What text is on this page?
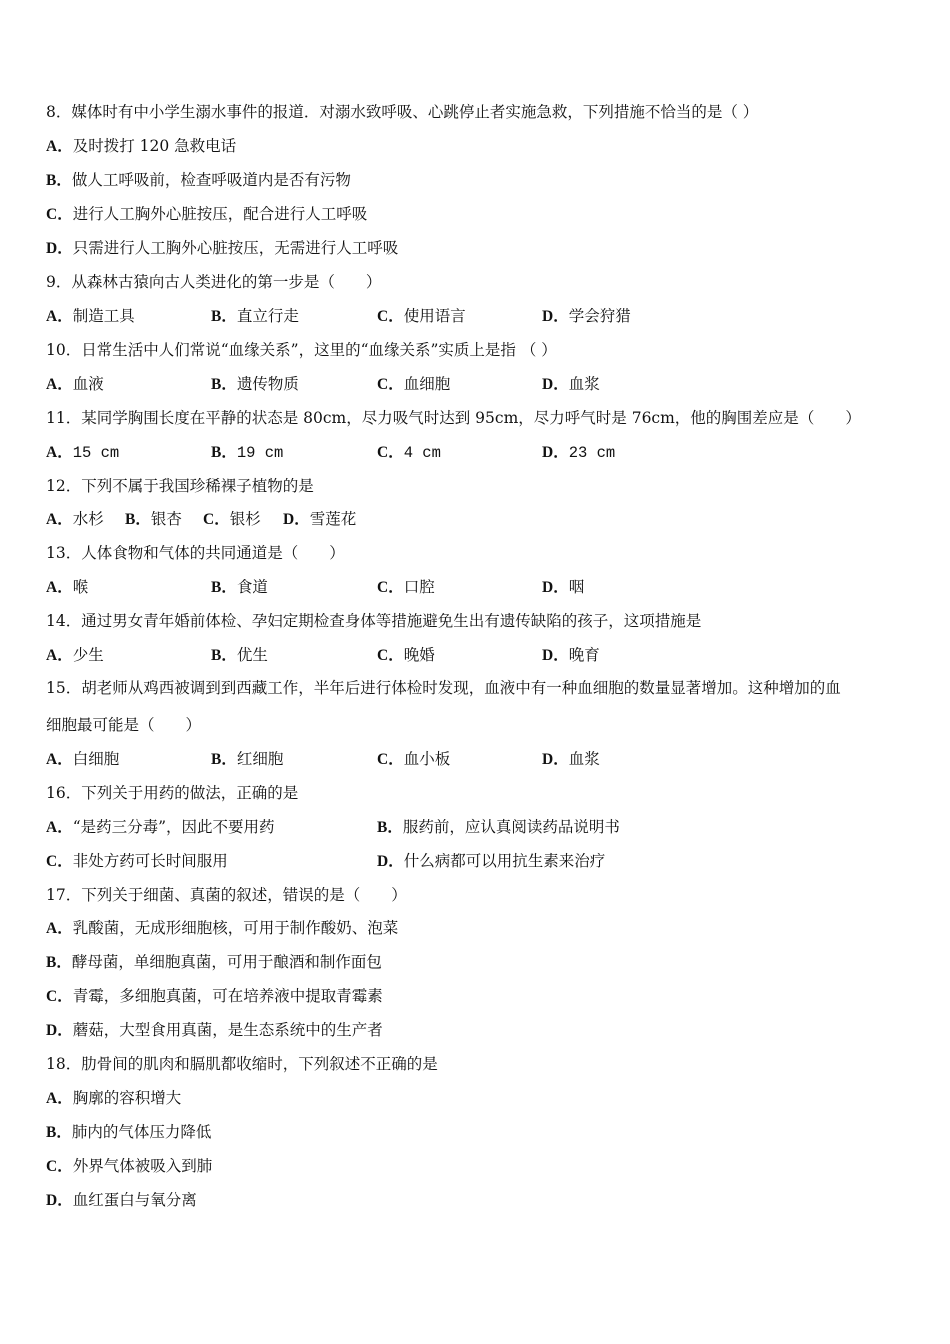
8．媒体时有中小学生溺水事件的报道．对溺水致呼吸、心跳停止者实施急救，下列措施不恰当的是（ ）
A．及时拨打 120 急救电话
B．做人工呼吸前，检查呼吸道内是否有污物
C．进行人工胸外心脏按压，配合进行人工呼吸
D．只需进行人工胸外心脏按压，无需进行人工呼吸
9．从森林古猿向古人类进化的第一步是（　　）
A．制造工具	B．直立行走	C．使用语言	D．学会狩猎
10．日常生活中人们常说“血缘关系”，这里的“血缘关系”实质上是指 （ ）
A．血液	B．遗传物质	C．血细胞	D．血浆
11．某同学胸围长度在平静的状态是 80cm，尽力吸气时达到 95cm，尽力呼气时是 76cm，他的胸围差应是（　　）
A．15 cm	B．19 cm	C．4 cm	D．23 cm
12．下列不属于我国珍稀裸子植物的是
A．水杉 B．银杏 C．银杉 D．雪莲花
13．人体食物和气体的共同通道是（　　）
A．喉	B．食道	C．口腔	D．咽
14．通过男女青年婚前体检、孕妇定期检查身体等措施避免生出有遗传缺陷的孩子，这项措施是
A．少生	B．优生	C．晚婚	D．晚育
15．胡老师从鸡西被调到到西藏工作，半年后进行体检时发现，血液中有一种血细胞的数量显著增加。这种增加的血
细胞最可能是（　　）
A．白细胞	B．红细胞	C．血小板	D．血浆
16．下列关于用药的做法，正确的是
A．“是药三分毒”，因此不要用药	B．服药前，应认真阅读药品说明书
C．非处方药可长时间服用	D．什么病都可以用抗生素来治疗
17．下列关于细菌、真菌的叙述，错误的是（　　）
A．乳酸菌，无成形细胞核，可用于制作酸奶、泡菜
B．酵母菌，单细胞真菌，可用于酿酒和制作面包
C．青霉，多细胞真菌，可在培养液中提取青霉素
D．蘑菇，大型食用真菌，是生态系统中的生产者
18．肋骨间的肌肉和膈肌都收缩时，下列叙述不正确的是
A．胸廓的容积增大
B．肺内的气体压力降低
C．外界气体被吸入到肺
D．血红蛋白与氧分离
